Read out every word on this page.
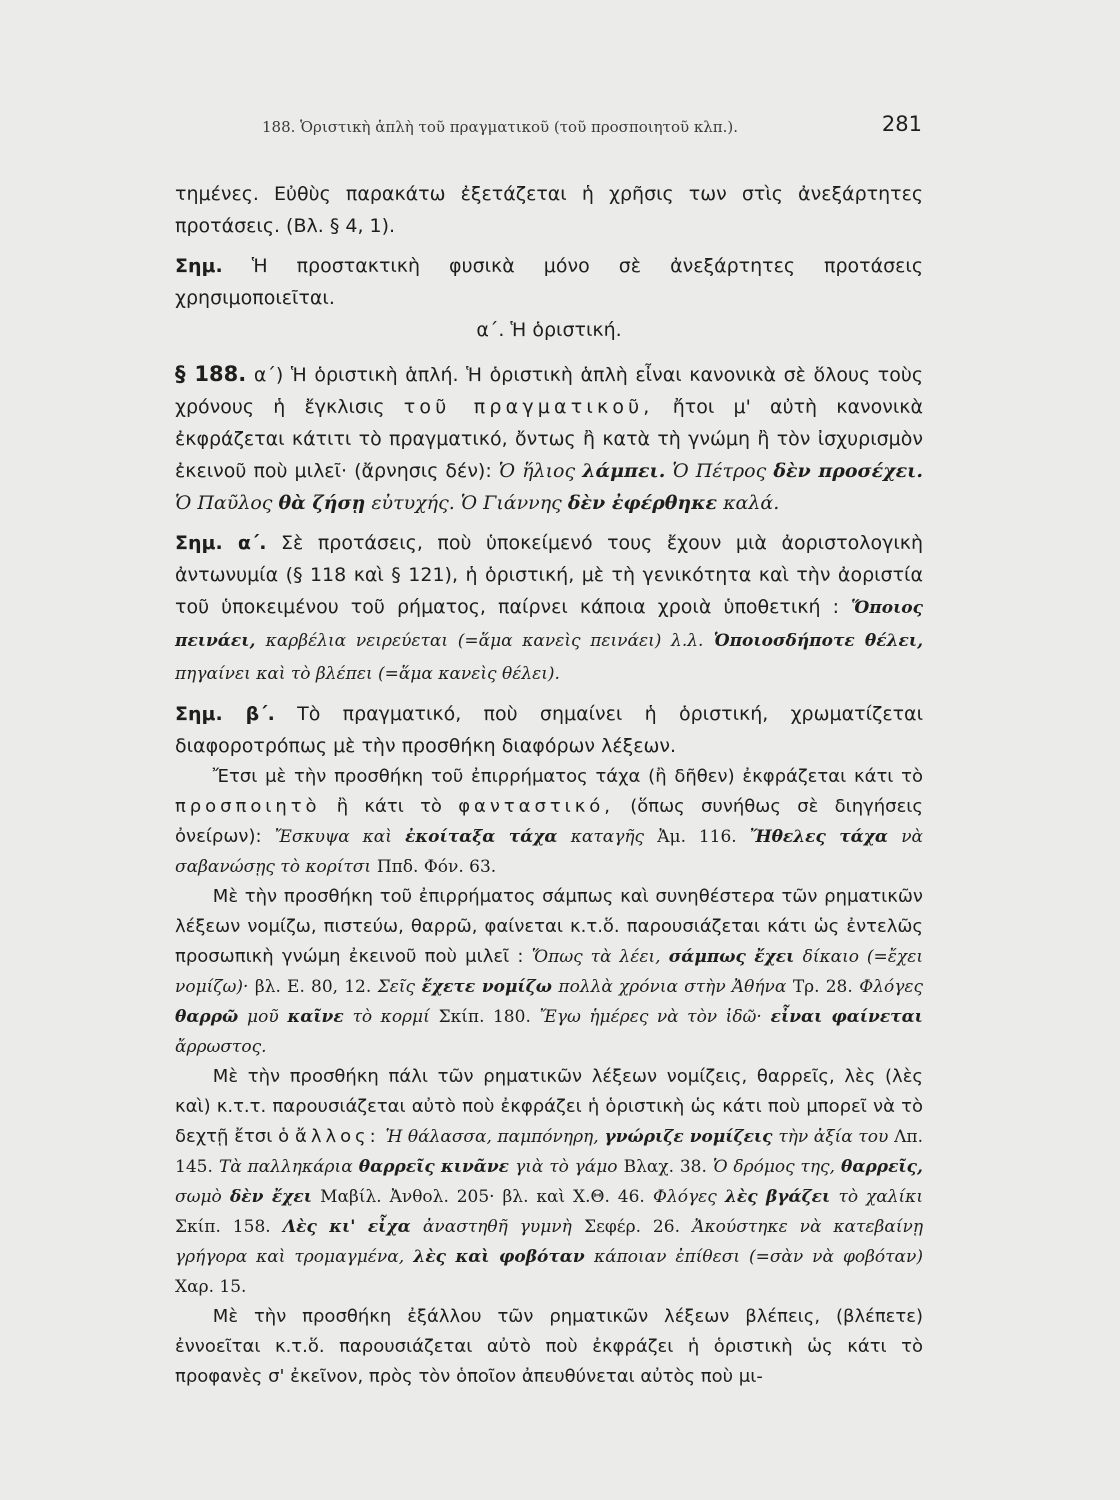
188. Ὁριστικὴ ἁπλὴ τοῦ πραγματικοῦ (τοῦ προσποιητοῦ κλπ.).	281

τημένες. Εὐθὺς παρακάτω ἐξετάζεται ἡ χρῆσις των στὶς ἀνεξάρτητες προτάσεις. (Βλ. § 4, 1).

Σημ. Ἡ προστακτικὴ φυσικὰ μόνο σὲ ἀνεξάρτητες προτάσεις χρησιμοποιεῖται.

α΄. Ἡ ὁριστική.

§ 188. α΄) Ἡ ὁριστικὴ ἁπλή. Ἡ ὁριστικὴ ἁπλὴ εἶναι κανονικὰ σὲ ὅλους τοὺς χρόνους ἡ ἔγκλισις τοῦ πραγματικοῦ, ἤτοι μ' αὐτὴ κανονικὰ ἐκφράζεται κάτιτι τὸ πραγματικό, ὄντως ἢ κατὰ τὴ γνώμη ἢ τὸν ἰσχυρισμὸν ἐκεινοῦ ποὺ μιλεῖ· (ἄρνησις δέν): Ὁ ἥλιος λάμπει. Ὁ Πέτρος δὲν προσέχει. Ὁ Παῦλος θὰ ζήσῃ εὐτυχής. Ὁ Γιάννης δὲν ἐφέρθηκε καλά.

Σημ. α΄. Σὲ προτάσεις, ποὺ ὑποκείμενό τους ἔχουν μιὰ ἀοριστολογικὴ ἀντωνυμία (§ 118 καὶ § 121), ἡ ὁριστική, μὲ τὴ γενικότητα καὶ τὴν ἀοριστία τοῦ ὑποκειμένου τοῦ ρήματος, παίρνει κάποια χροιὰ ὑποθετική : Ὅποιος πεινάει, καρβέλια νειρεύεται (=ἅμα κανεὶς πεινάει) λ.λ. Ὁποιοσδήποτε θέλει, πηγαίνει καὶ τὸ βλέπει (=ἅμα κανεὶς θέλει).

Σημ. β΄. Τὸ πραγματικό, ποὺ σημαίνει ἡ ὁριστική, χρωματίζεται διαφοροτρόπως μὲ τὴν προσθήκη διαφόρων λέξεων.

Ἔτσι μὲ τὴν προσθήκη τοῦ ἐπιρρήματος τάχα (ἢ δῆθεν) ἐκφράζεται κάτι τὸ προσποιητὸ ἢ κάτι τὸ φανταστικό, (ὅπως συνήθως σὲ διηγήσεις ὀνείρων): Ἔσκυψα καὶ ἐκοίταξα τάχα καταγῆς Ἀμ. 116. Ἤθελες τάχα νὰ σαβανώσῃς τὸ κορίτσι Ππδ. Φόν. 63.

Μὲ τὴν προσθήκη τοῦ ἐπιρρήματος σάμπως καὶ συνηθέστερα τῶν ρηματικῶν λέξεων νομίζω, πιστεύω, θαρρῶ, φαίνεται κ.τ.ὅ. παρουσιάζεται κάτι ὡς ἐντελῶς προσωπικὴ γνώμη ἐκεινοῦ ποὺ μιλεῖ : Ὅπως τὰ λέει, σάμπως ἔχει δίκαιο (=ἔχει νομίζω)· βλ. Ε. 80, 12. Σεῖς ἔχετε νομίζω πολλὰ χρόνια στὴν Ἀθήνα Τρ. 28. Φλόγες θαρρῶ μοῦ καῖνε τὸ κορμί Σκίπ. 180. Ἔγω ἡμέρες νὰ τὸν ἰδῶ· εἶναι φαίνεται ἄρρωστος.

Μὲ τὴν προσθήκη πάλι τῶν ρηματικῶν λέξεων νομίζεις, θαρρεῖς, λὲς (λὲς καὶ) κ.τ.τ. παρουσιάζεται αὐτὸ ποὺ ἐκφράζει ἡ ὁριστικὴ ὡς κάτι ποὺ μπορεῖ νὰ τὸ δεχτῇ ἔτσι ὁ ἄλλος: Ἡ θάλασσα, παμπόνηρη, γνώριζε νομίζεις τὴν ἀξία του Λπ. 145. Τὰ παλληκάρια θαρρεῖς κινᾶνε γιὰ τὸ γάμο Βλαχ. 38. Ὁ δρόμος της, θαρρεῖς, σωμὸ δὲν ἔχει Μαβίλ. Ἀνθολ. 205· βλ. καὶ Χ.Θ. 46. Φλόγες λὲς βγάζει τὸ χαλίκι Σκίπ. 158. Λὲς κι' εἶχα ἀναστηθῆ γυμνὴ Σεφέρ. 26. Ἀκούστηκε νὰ κατεβαίνῃ γρήγορα καὶ τρομαγμένα, λὲς καὶ φοβόταν κάποιαν ἐπίθεσι (=σὰν νὰ φοβόταν) Χαρ. 15.

Μὲ τὴν προσθήκη ἐξάλλου τῶν ρηματικῶν λέξεων βλέπεις, (βλέπετε) ἐννοεῖται κ.τ.ὅ. παρουσιάζεται αὐτὸ ποὺ ἐκφράζει ἡ ὁριστικὴ ὡς κάτι τὸ προφανὲς σ' ἐκεῖνον, πρὸς τὸν ὁποῖον ἀπευθύνεται αὐτὸς ποὺ μι-
